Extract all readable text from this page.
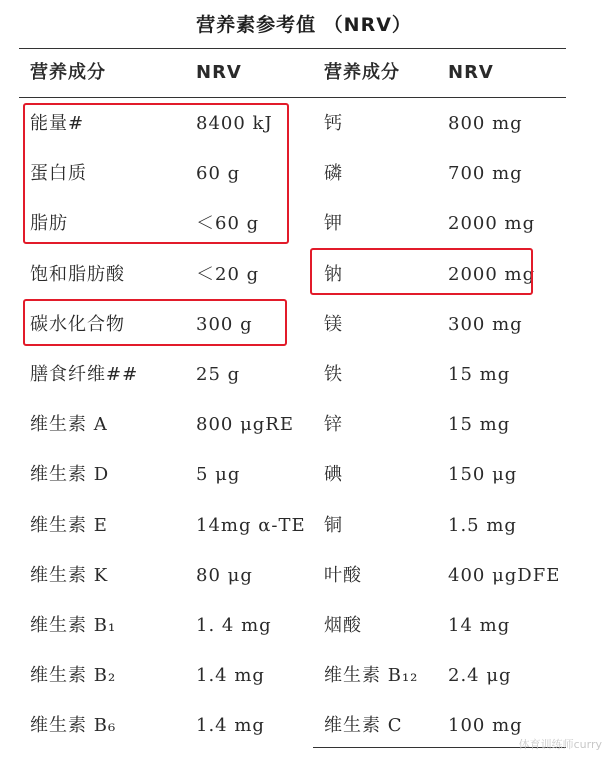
营养素参考值 （NRV）
营养成分	NRV	营养成分	NRV
能量#	8400 kJ	钙	800 mg
蛋白质	60 g	磷	700 mg
脂肪	＜60 g	钾	2000 mg
饱和脂肪酸	＜20 g	钠	2000 mg
碳水化合物	300 g	镁	300 mg
膳食纤维##	25 g	铁	15 mg
维生素 A	800 μgRE 锌	15 mg
维生素 D	5 μg	碘	150 μg
维生素 E	14mg α-TE 铜	1.5 mg
维生素 K	80 μg	叶酸	400 μgDFE
维生素 B₁	1. 4 mg	烟酸	14 mg
维生素 B₂	1.4 mg	维生素 B₁₂ 2.4 μg
维生素 B₆	1.4 mg	维生素 C	100 mg
体育训练师curry
